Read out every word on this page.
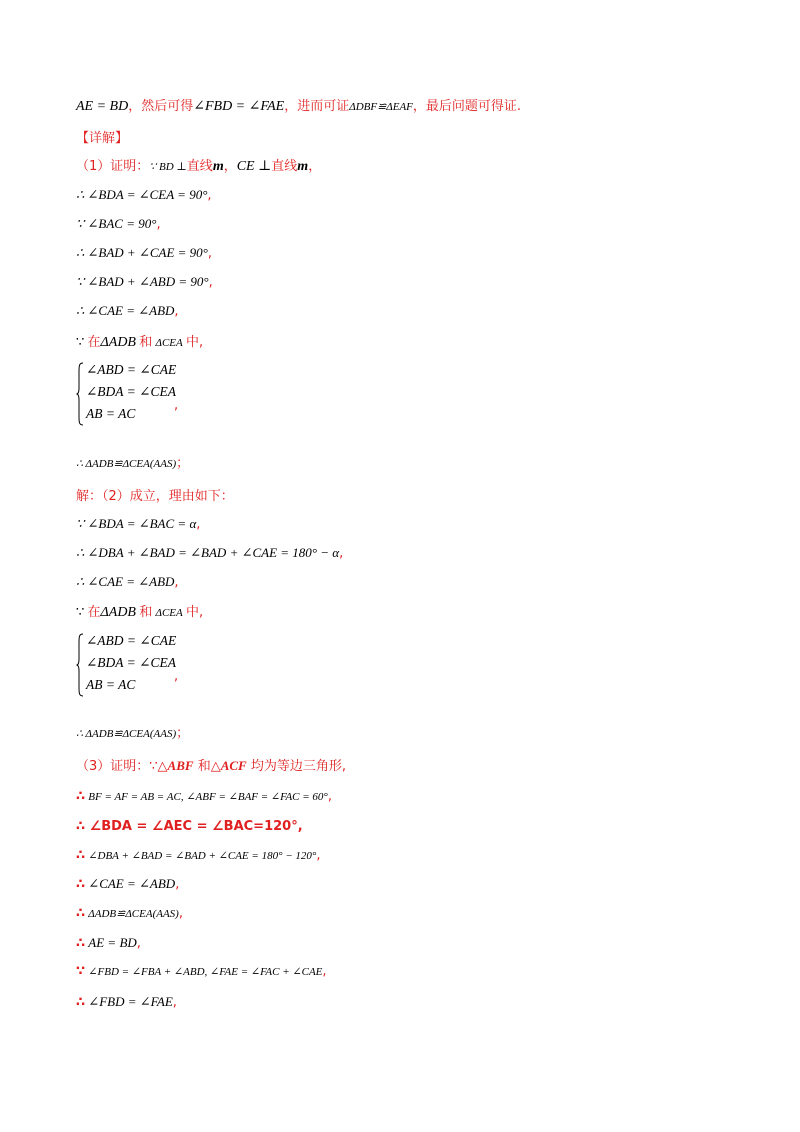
AE = BD，然后可得∠FBD = ∠FAE，进而可证ΔDBF≌ΔEAF，最后问题可得证.
【详解】
（1）证明：∵ BD ⊥直线m，CE ⊥直线m，
∴ ∠BDA = ∠CEA = 90°,
∵ ∠BAC = 90°,
∴ ∠BAD + ∠CAE = 90°,
∵ ∠BAD + ∠ABD = 90°,
∴ ∠CAE = ∠ABD,
∵ 在ΔADB 和 ΔCEA 中,
∠ABD = ∠CAE
∠BDA = ∠CEA
AB = AC
,
∴ ΔADB≌ΔCEA(AAS)；
解：（2）成立，理由如下：
∵ ∠BDA = ∠BAC = α,
∴ ∠DBA + ∠BAD = ∠BAD + ∠CAE = 180° − α,
∴ ∠CAE = ∠ABD,
∵ 在ΔADB 和 ΔCEA 中,
∠ABD = ∠CAE
∠BDA = ∠CEA
AB = AC
,
∴ ΔADB≌ΔCEA(AAS)；
（3）证明：∵△ABF 和△ACF 均为等边三角形,
∴ BF = AF = AB = AC, ∠ABF = ∠BAF = ∠FAC = 60°,
∴ ∠BDA = ∠AEC = ∠BAC=120°,
∴ ∠DBA + ∠BAD = ∠BAD + ∠CAE = 180° − 120°,
∴ ∠CAE = ∠ABD,
∴ ΔADB≌ΔCEA(AAS),
∴ AE = BD,
∵ ∠FBD = ∠FBA + ∠ABD, ∠FAE = ∠FAC + ∠CAE,
∴ ∠FBD = ∠FAE,
